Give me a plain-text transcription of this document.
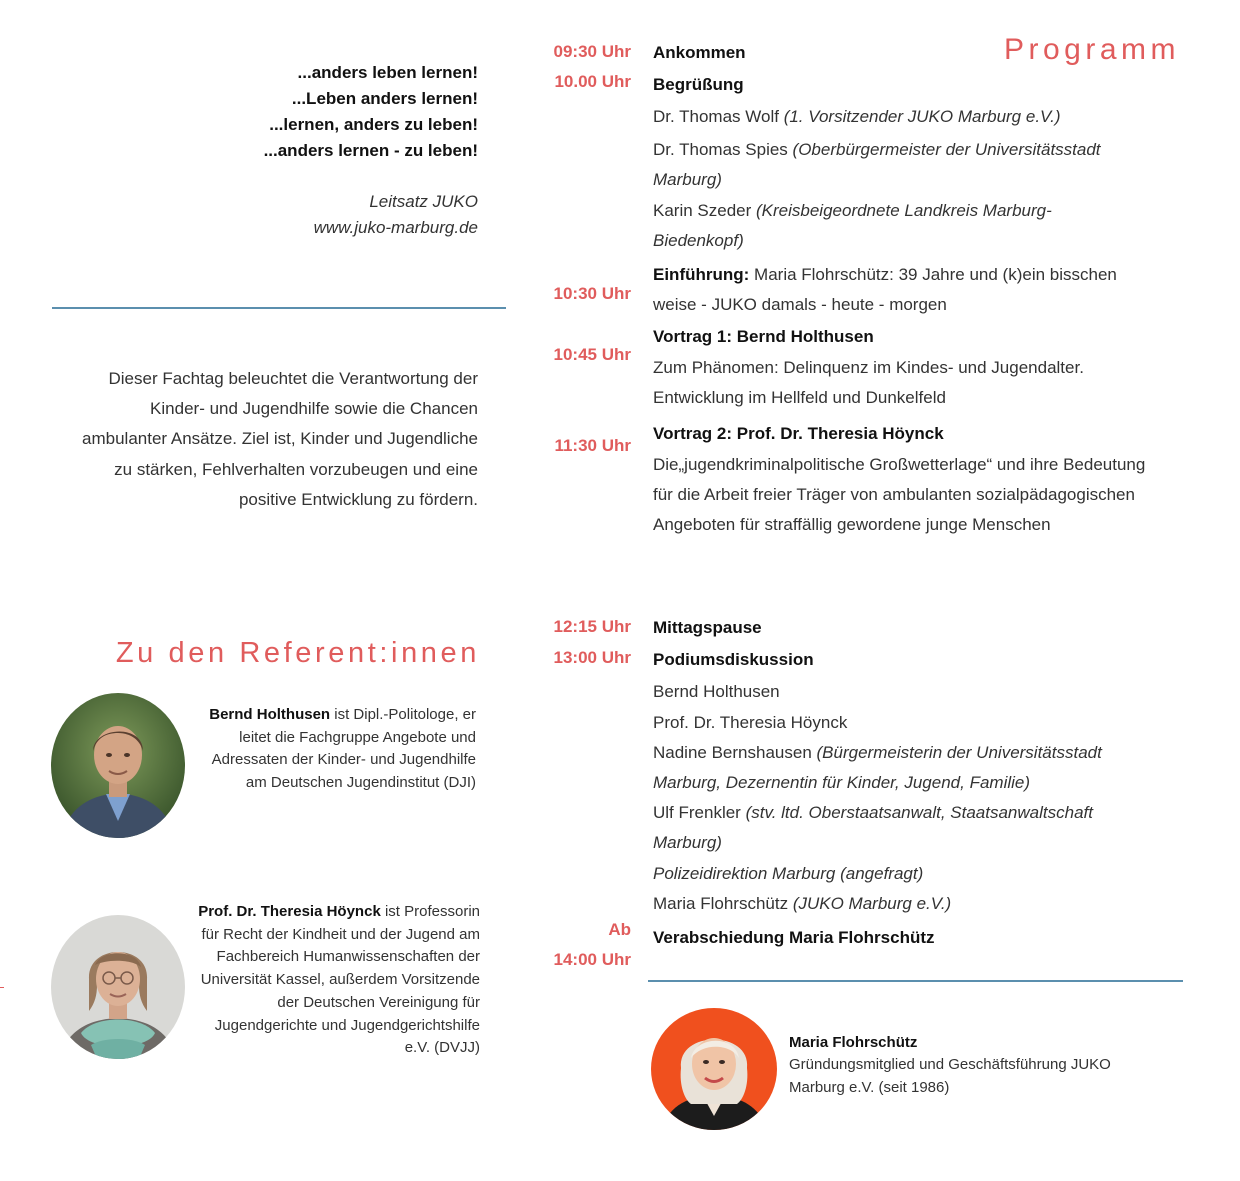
...anders leben lernen!
...Leben anders lernen!
...lernen, anders zu leben!
...anders lernen - zu leben!
Leitsatz JUKO
www.juko-marburg.de
Dieser Fachtag beleuchtet die Verantwortung der Kinder- und Jugendhilfe sowie die Chancen ambulanter Ansätze. Ziel ist, Kinder und Jugendliche zu stärken, Fehlverhalten vorzubeugen und eine positive Entwicklung zu fördern.
Zu den Referent:innen
Bernd Holthusen ist Dipl.-Politologe, er leitet die Fachgruppe Angebote und Adressaten der Kinder- und Jugendhilfe am Deutschen Jugendinstitut (DJI)
Prof. Dr. Theresia Höynck ist Professorin für Recht der Kindheit und der Jugend am Fachbereich Humanwissenschaften der Universität Kassel, außerdem Vorsitzende der Deutschen Vereinigung für Jugendgerichte und Jugendgerichtshilfe e.V. (DVJJ)
Programm
09:30 Uhr
10.00 Uhr
10:30 Uhr
10:45 Uhr
11:30 Uhr
12:15 Uhr
13:00 Uhr
Ab
14:00 Uhr
Ankommen
Begrüßung
Dr. Thomas Wolf (1. Vorsitzender JUKO Marburg e.V.)
Dr. Thomas Spies (Oberbürgermeister der Universitätsstadt Marburg)
Karin Szeder (Kreisbeigeordnete Landkreis Marburg-Biedenkopf)
Einführung: Maria Flohrschütz: 39 Jahre und (k)ein bisschen weise - JUKO damals - heute - morgen
Vortrag 1: Bernd Holthusen
Zum Phänomen: Delinquenz im Kindes- und Jugendalter. Entwicklung im Hellfeld und Dunkelfeld
Vortrag 2: Prof. Dr. Theresia Höynck
Die„jugendkriminalpolitische Großwetterlage“ und ihre Bedeutung für die Arbeit freier Träger von ambulanten sozialpädagogischen Angeboten für straffällig gewordene junge Menschen
Mittagspause
Podiumsdiskussion
Bernd Holthusen
Prof. Dr. Theresia Höynck
Nadine Bernshausen (Bürgermeisterin der Universitätsstadt Marburg, Dezernentin für Kinder, Jugend, Familie)
Ulf Frenkler (stv. ltd. Oberstaatsanwalt, Staatsanwaltschaft Marburg)
Polizeidirektion Marburg (angefragt)
Maria Flohrschütz (JUKO Marburg e.V.)
Verabschiedung Maria Flohrschütz
Maria Flohrschütz
Gründungsmitglied und Geschäftsführung JUKO Marburg e.V. (seit 1986)
